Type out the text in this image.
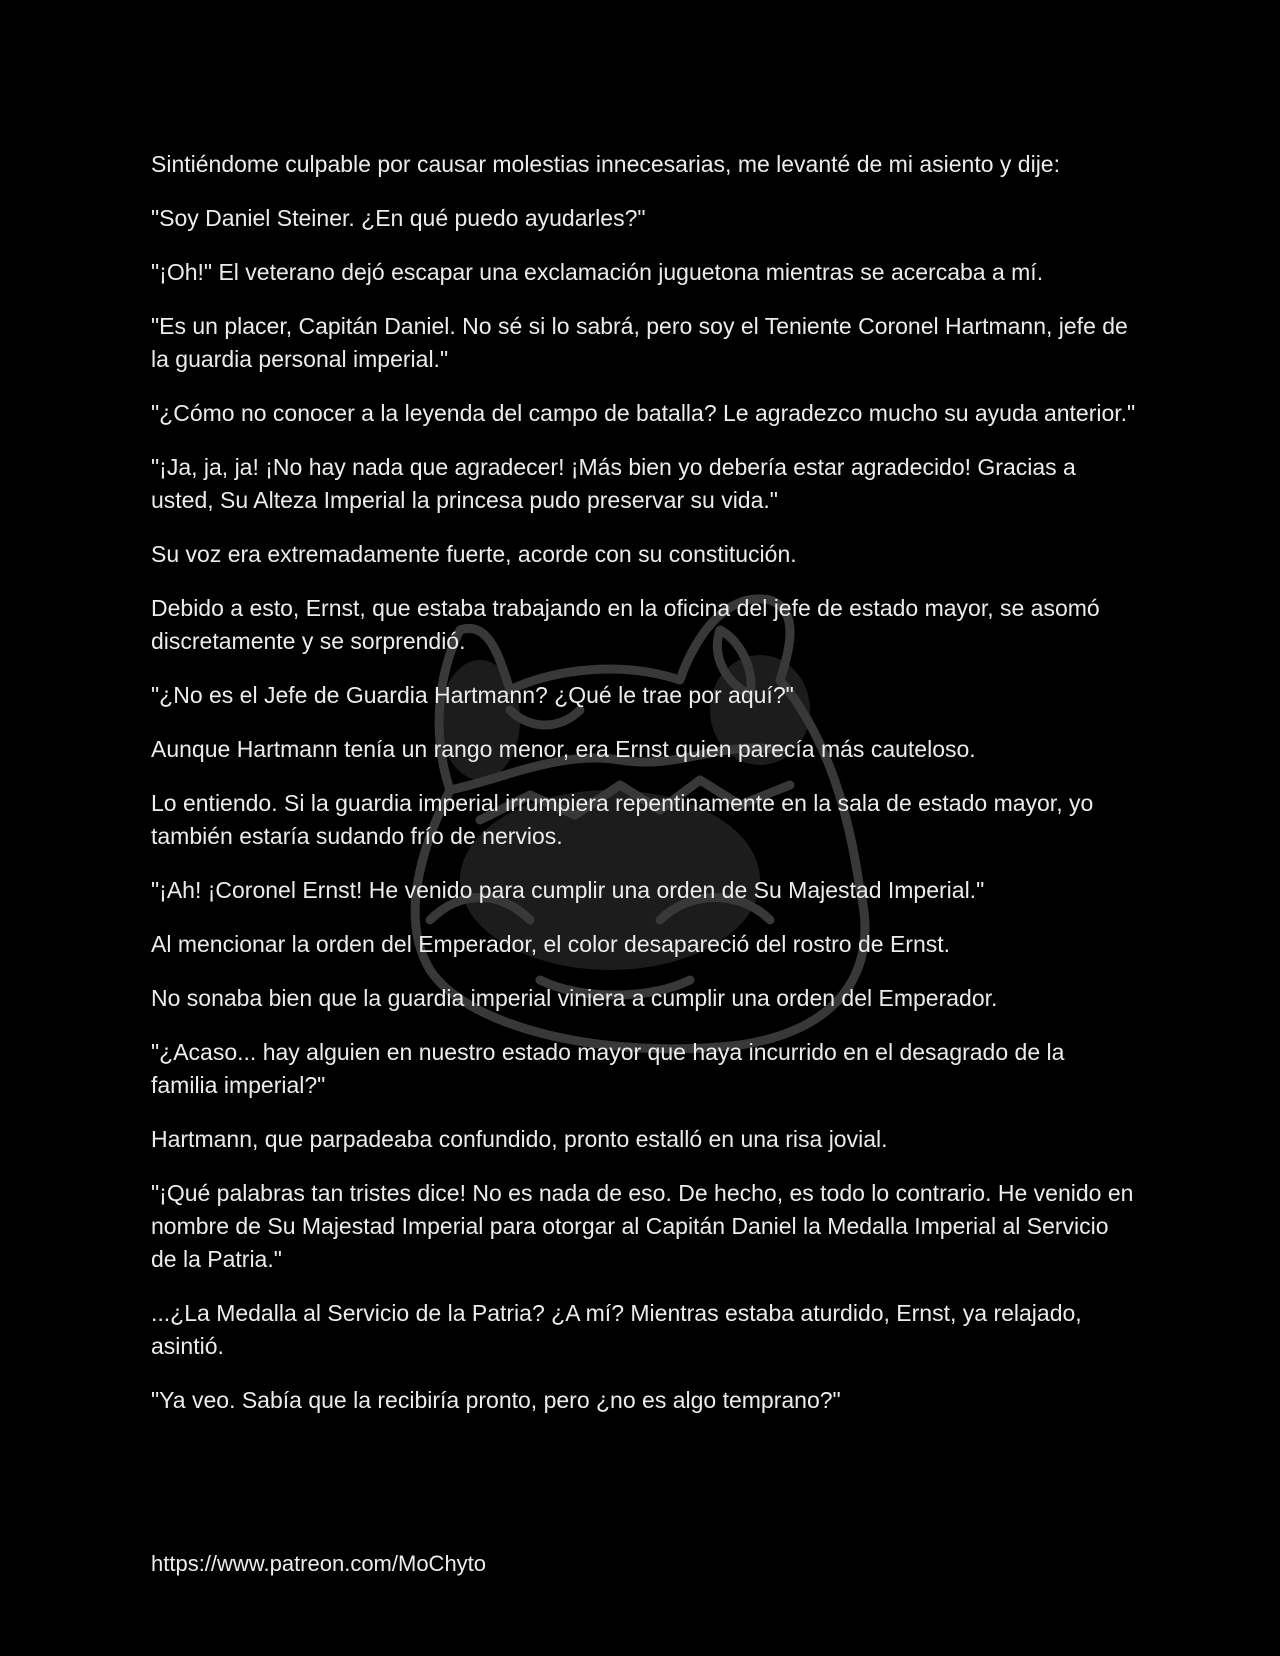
Sintiéndome culpable por causar molestias innecesarias, me levanté de mi asiento y dije:

"Soy Daniel Steiner. ¿En qué puedo ayudarles?"

"¡Oh!" El veterano dejó escapar una exclamación juguetona mientras se acercaba a mí.

"Es un placer, Capitán Daniel. No sé si lo sabrá, pero soy el Teniente Coronel Hartmann, jefe de la guardia personal imperial."

"¿Cómo no conocer a la leyenda del campo de batalla? Le agradezco mucho su ayuda anterior."

"¡Ja, ja, ja! ¡No hay nada que agradecer! ¡Más bien yo debería estar agradecido! Gracias a usted, Su Alteza Imperial la princesa pudo preservar su vida."

Su voz era extremadamente fuerte, acorde con su constitución.

Debido a esto, Ernst, que estaba trabajando en la oficina del jefe de estado mayor, se asomó discretamente y se sorprendió.

"¿No es el Jefe de Guardia Hartmann? ¿Qué le trae por aquí?"

Aunque Hartmann tenía un rango menor, era Ernst quien parecía más cauteloso.

Lo entiendo. Si la guardia imperial irrumpiera repentinamente en la sala de estado mayor, yo también estaría sudando frío de nervios.

"¡Ah! ¡Coronel Ernst! He venido para cumplir una orden de Su Majestad Imperial."

Al mencionar la orden del Emperador, el color desapareció del rostro de Ernst.

No sonaba bien que la guardia imperial viniera a cumplir una orden del Emperador.

"¿Acaso... hay alguien en nuestro estado mayor que haya incurrido en el desagrado de la familia imperial?"

Hartmann, que parpadeaba confundido, pronto estalló en una risa jovial.

"¡Qué palabras tan tristes dice! No es nada de eso. De hecho, es todo lo contrario. He venido en nombre de Su Majestad Imperial para otorgar al Capitán Daniel la Medalla Imperial al Servicio de la Patria."

...¿La Medalla al Servicio de la Patria? ¿A mí? Mientras estaba aturdido, Ernst, ya relajado, asintió.

"Ya veo. Sabía que la recibiría pronto, pero ¿no es algo temprano?"

https://www.patreon.com/MoChyto
